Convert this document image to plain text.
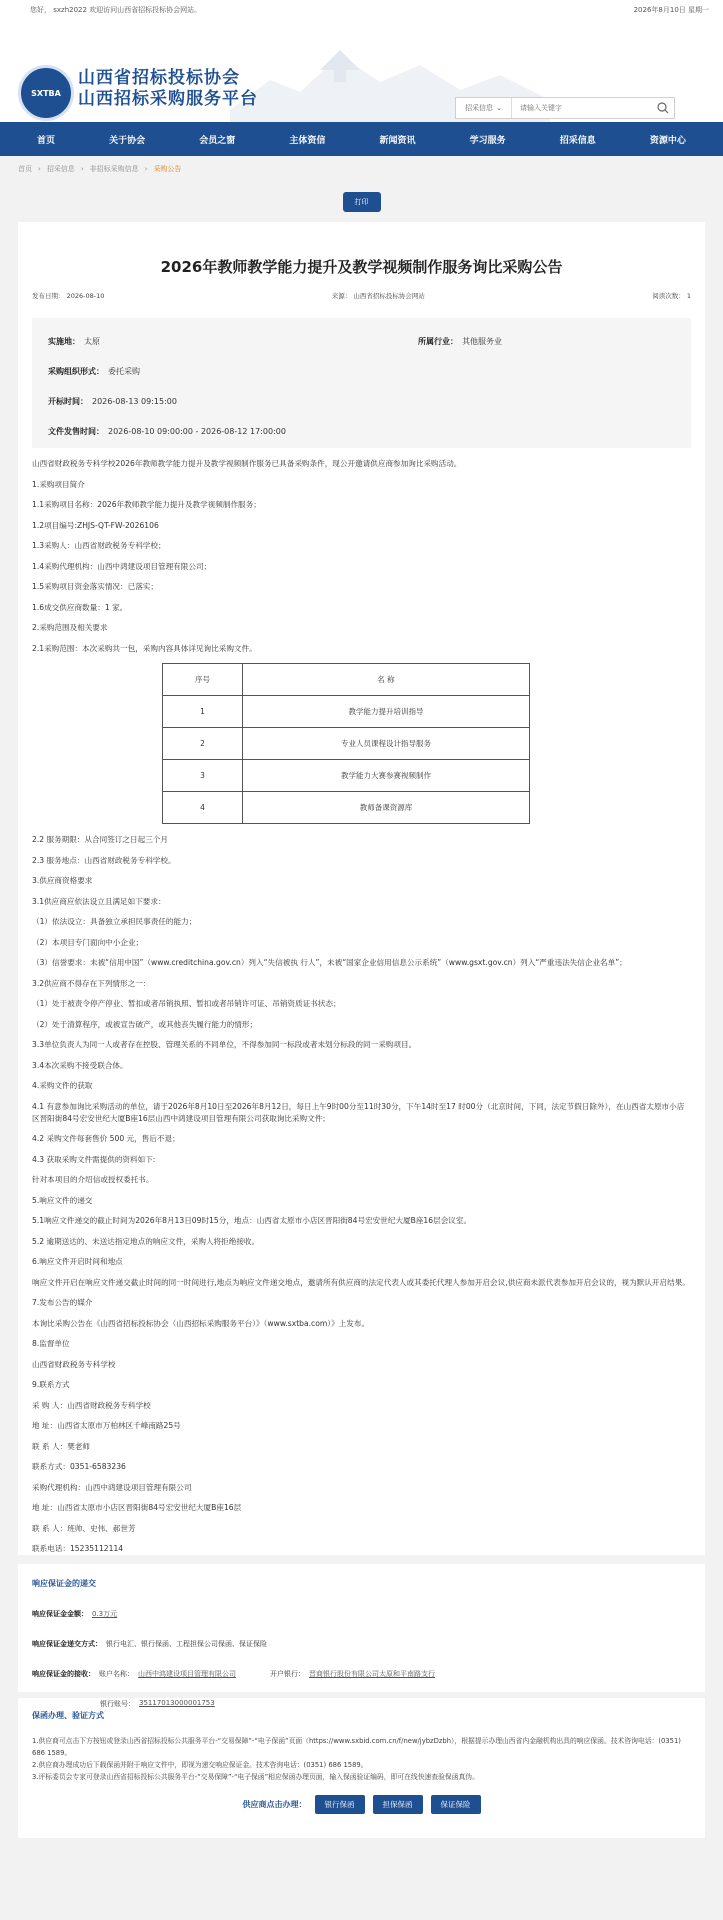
您好， sxzh2022 欢迎访问山西省招标投标协会网站。	2026年8月10日 星期一
SXTBA
山西省招标投标协会
山西招标采购服务平台	招采信息 ⌄
请输入关键字
首页	关于协会	会员之窗	主体资信	新闻资讯	学习服务	招采信息	资源中心
首页 › 招采信息 › 非招标采购信息 › 采购公告
打印
2026年教师教学能力提升及教学视频制作服务询比采购公告
发布日期： 2026-08-10	来源： 山西省招标投标协会网站	阅读次数： 1
实施地： 太原	所属行业： 其他服务业
采购组织形式： 委托采购
开标时间： 2026-08-13 09:15:00
文件发售时间： 2026-08-10 09:00:00 - 2026-08-12 17:00:00

山西省财政税务专科学校2026年教师教学能力提升及教学视频制作服务已具备采购条件，现公开邀请供应商参加询比采购活动。

1.采购项目简介

1.1采购项目名称：2026年教师教学能力提升及教学视频制作服务；

1.2项目编号:ZHJS-QT-FW-2026106

1.3采购人：山西省财政税务专科学校；

1.4采购代理机构：山西中鸿建设项目管理有限公司；

1.5采购项目资金落实情况：已落实；

1.6成交供应商数量：1 家。

2.采购范围及相关要求

2.1采购范围：本次采购共一包，采购内容具体详见询比采购文件。

序号	名 称
1	教学能力提升培训指导
2	专业人员课程设计指导服务
3	教学能力大赛参赛视频制作
4	教师备课资源库

2.2 服务期限：从合同签订之日起三个月

2.3 服务地点：山西省财政税务专科学校。

3.供应商资格要求

3.1供应商应依法设立且满足如下要求：

（1）依法设立：具备独立承担民事责任的能力；

（2）本项目专门面向中小企业；

（3）信誉要求：未被“信用中国”（www.creditchina.gov.cn）列入“失信被执 行人”，未被“国家企业信用信息公示系统”（www.gsxt.gov.cn）列入“严重违法失信企业名单”；

3.2供应商不得存在下列情形之一：

（1）处于被责令停产停业、暂扣或者吊销执照、暂扣或者吊销许可证、吊销资质证书状态；

（2）处于清算程序，或被宣告破产，或其他丧失履行能力的情形；

3.3单位负责人为同一人或者存在控股、管理关系的不同单位，不得参加同一标段或者未划分标段的同一采购项目。

3.4本次采购不接受联合体。

4.采购文件的获取

4.1 有意参加询比采购活动的单位，请于2026年8月10日至2026年8月12日，每日上午9时00分至11时30分，下午14时至17 时00分（北京时间，下同，法定节假日除外），在山西省太原市小店区晋阳街84号宏安世纪大厦B座16层山西中鸿建设项目管理有限公司获取询比采购文件；

4.2 采购文件每套售价 500 元，售后不退；

4.3 获取采购文件需提供的资料如下:

针对本项目的介绍信或授权委托书。

5.响应文件的递交

5.1响应文件递交的截止时间为2026年8月13日09时15分，地点：山西省太原市小店区晋阳街84号宏安世纪大厦B座16层会议室。

5.2 逾期送达的、未送达指定地点的响应文件，采购人将拒绝接收。

6.响应文件开启时间和地点

响应文件开启在响应文件递交截止时间的同一时间进行,地点为响应文件递交地点，邀请所有供应商的法定代表人或其委托代理人参加开启会议,供应商未派代表参加开启会议的，视为默认开启结果。

7.发布公告的媒介

本询比采购公告在《山西省招标投标协会（山西招标采购服务平台）》（www.sxtba.com）》上发布。

8.监督单位

山西省财政税务专科学校

9.联系方式

采 购 人：山西省财政税务专科学校

地 址：山西省太原市万柏林区千峰南路25号

联 系 人：樊老师

联系方式：0351-6583236

采购代理机构：山西中鸿建设项目管理有限公司

地 址：山西省太原市小店区晋阳街84号宏安世纪大厦B座16层

联 系 人：班帅、史伟、郝世芳

联系电话：15235112114

响应保证金的递交
响应保证金金额： 0.3万元
响应保证金递交方式： 银行电汇、银行保函、工程担保公司保函、保证保险
响应保证金的接收： 账户名称： 山西中鸿建设项目管理有限公司	开户银行： 晋商银行股份有限公司太原和平南路支行
银行账号： 35117013000001753
保函办理、验证方式

1.供应商可点击下方按钮或登录山西省招标投标公共服务平台-“交易保障”-“电子保函”页面（https://www.sxbid.com.cn/f/new/jybzDzbh），根据提示办理山西省内金融机构出具的响应保函。技术咨询电话：(0351) 686 1589。

2.供应商办理成功后下载保函并附于响应文件中，即视为递交响应保证金。技术咨询电话：(0351) 686 1589。

3.评标委员会专家可登录山西省招标投标公共服务平台-“交易保障”-“电子保函”相应保函办理页面，输入保函验证编码，即可在线快速查验保函真伪。

供应商点击办理：	银行保函	担保保函	保证保险
